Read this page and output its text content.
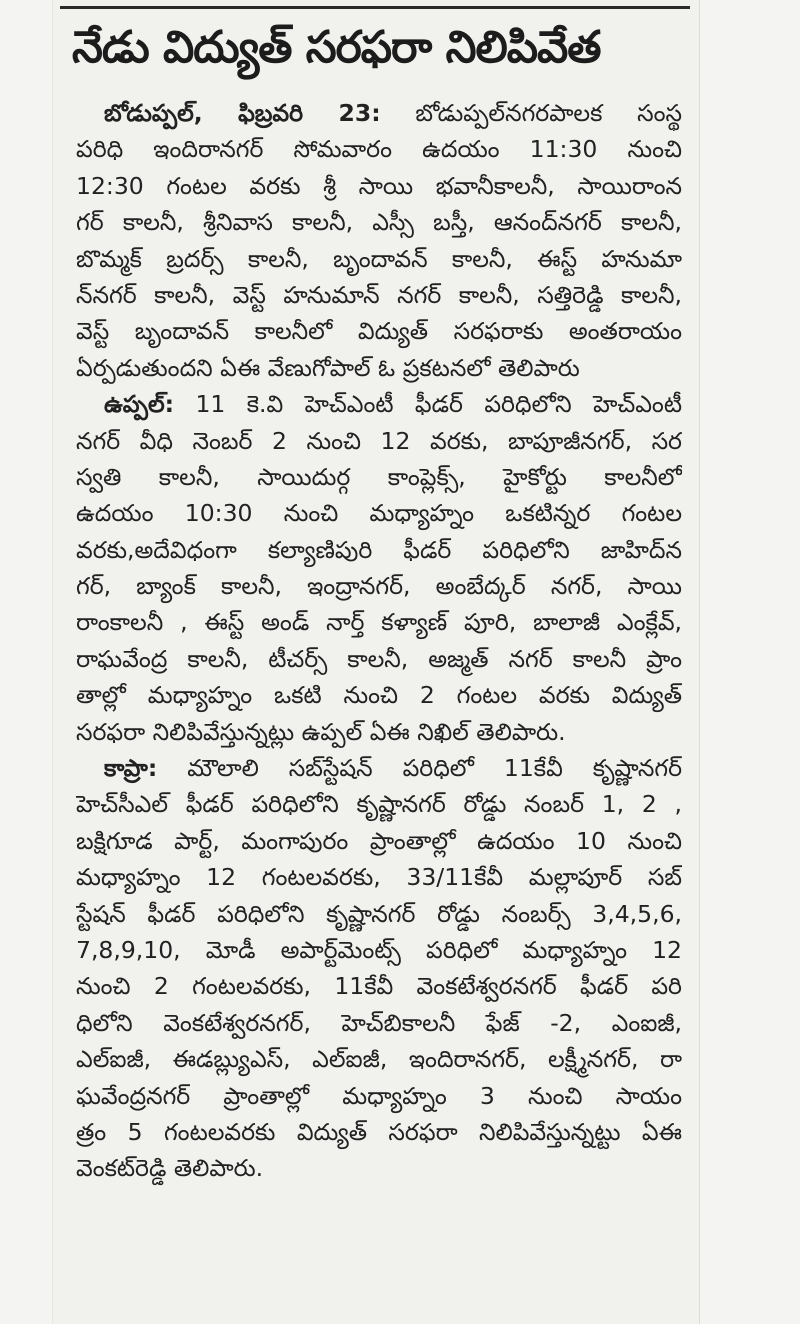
నేడు విద్యుత్ సరఫరా నిలిపివేత
బోడుప్పల్, ఫిబ్రవరి 23: బోడుప్పల్‌నగరపాలక సంస్థ
పరిధి ఇందిరానగర్ సోమవారం ఉదయం 11:30 నుంచి
12:30 గంటల వరకు శ్రీ సాయి భవానీకాలనీ, సాయిరాంన
గర్ కాలనీ, శ్రీనివాస కాలనీ, ఎస్సీ బస్తీ, ఆనంద్‌నగర్ కాలనీ,
బొమ్మక్ బ్రదర్స్ కాలనీ, బృందావన్ కాలనీ, ఈస్ట్ హనుమా
న్‌నగర్ కాలనీ, వెస్ట్ హనుమాన్ నగర్ కాలనీ, సత్తిరెడ్డి కాలనీ,
వెస్ట్ బృందావన్ కాలనీలో విద్యుత్ సరఫరాకు అంతరాయం
ఏర్పడుతుందని ఏఈ వేణుగోపాల్ ఓ ప్రకటనలో తెలిపారు
ఉప్పల్: 11 కె.వి హెచ్ఎంటీ ఫీడర్ పరిధిలోని హెచ్ఎంటీ
నగర్ వీధి నెంబర్ 2 నుంచి 12 వరకు, బాపూజీనగర్, సర
స్వతి కాలనీ, సాయిదుర్గ కాంప్లెక్స్, హైకోర్టు కాలనీలో
ఉదయం 10:30 నుంచి మధ్యాహ్నం ఒకటిన్నర గంటల
వరకు,అదేవిధంగా కల్యాణిపురి ఫీడర్ పరిధిలోని జాహిద్‌న
గర్, బ్యాంక్ కాలనీ, ఇంద్రానగర్, అంబేద్కర్ నగర్, సాయి
రాంకాలనీ , ఈస్ట్ అండ్ నార్త్ కళ్యాణ్ పూరి, బాలాజీ ఎంక్లేవ్,
రాఘవేంద్ర కాలనీ, టీచర్స్ కాలనీ, అజ్మత్ నగర్ కాలనీ ప్రాం
తాల్లో మధ్యాహ్నం ఒకటి నుంచి 2 గంటల వరకు విద్యుత్
సరఫరా నిలిపివేస్తున్నట్లు ఉప్పల్ ఏఈ నిఖిల్ తెలిపారు.
కాప్రా: మౌలాలి సబ్‌స్టేషన్ పరిధిలో 11కేవీ కృష్ణానగర్
హెచ్‌సీఎల్ ఫీడర్ పరిధిలోని కృష్ణానగర్ రోడ్డు నంబర్ 1, 2 ,
బక్షిగూడ పార్ట్, మంగాపురం ప్రాంతాల్లో ఉదయం 10 నుంచి
మధ్యాహ్నం 12 గంటలవరకు, 33/11కేవీ మల్లాపూర్ సబ్
స్టేషన్ ఫీడర్ పరిధిలోని కృష్ణానగర్ రోడ్డు నంబర్స్ 3,4,5,6,
7,8,9,10, మోడీ అపార్ట్‌మెంట్స్ పరిధిలో మధ్యాహ్నం 12
నుంచి 2 గంటలవరకు, 11కేవీ వెంకటేశ్వరనగర్ ఫీడర్ పరి
ధిలోని వెంకటేశ్వరనగర్, హెచ్‌బికాలనీ ఫేజ్ -2, ఎంఐజీ,
ఎల్ఐజీ, ఈడబ్ల్యుఎస్, ఎల్ఐజీ, ఇందిరానగర్, లక్ష్మీనగర్, రా
ఘవేంద్రనగర్ ప్రాంతాల్లో మధ్యాహ్నం 3 నుంచి సాయం
త్రం 5 గంటలవరకు విద్యుత్ సరఫరా నిలిపివేస్తున్నట్టు ఏఈ
వెంకట్‌రెడ్డి తెలిపారు.
